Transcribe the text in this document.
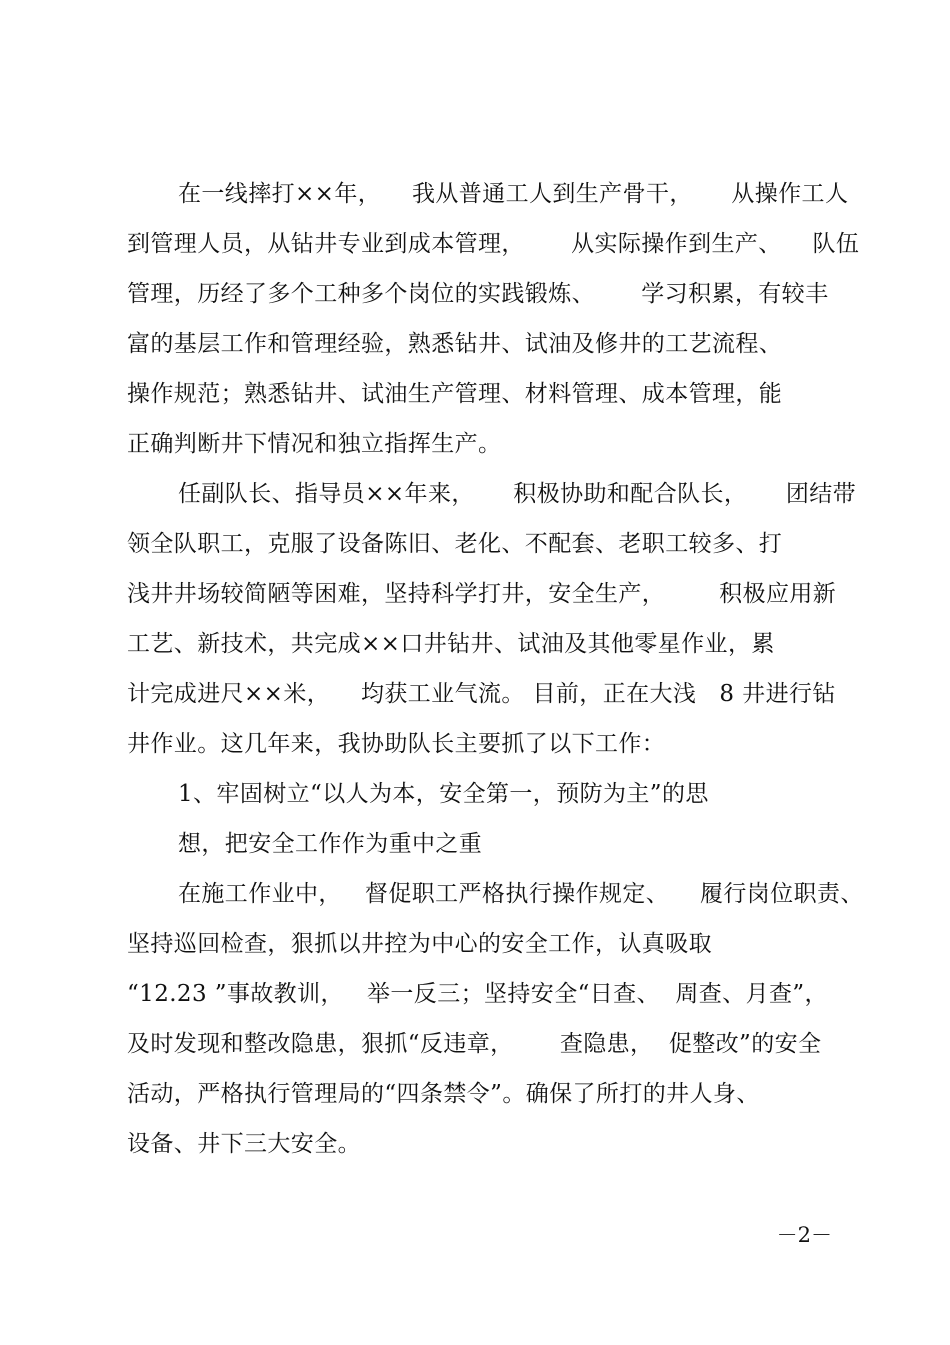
在一线摔打××年，    我从普通工人到生产骨干，     从操作工人
到管理人员，从钻井专业到成本管理，      从实际操作到生产、    队伍
管理，历经了多个工种多个岗位的实践锻炼、      学习积累，有较丰
富的基层工作和管理经验，熟悉钻井、试油及修井的工艺流程、
操作规范；熟悉钻井、试油生产管理、材料管理、成本管理，能
正确判断井下情况和独立指挥生产。
任副队长、指导员××年来，     积极协助和配合队长，     团结带
领全队职工，克服了设备陈旧、老化、不配套、老职工较多、打
浅井井场较简陋等困难，坚持科学打井，安全生产，       积极应用新
工艺、新技术，共完成××口井钻井、试油及其他零星作业，累
计完成进尺××米，    均获工业气流。 目前，正在大浅   8 井进行钻
井作业。这几年来，我协助队长主要抓了以下工作：
1、牢固树立“以人为本，安全第一，预防为主”的思
想，把安全工作作为重中之重
在施工作业中，   督促职工严格执行操作规定、    履行岗位职责、
坚持巡回检查，狠抓以井控为中心的安全工作，认真吸取
“12.23 ”事故教训，   举一反三；坚持安全“日查、  周查、月查”，
及时发现和整改隐患，狠抓“反违章，      查隐患，  促整改”的安全
活动，严格执行管理局的“四条禁令”。确保了所打的井人身、
设备、井下三大安全。
－2－
